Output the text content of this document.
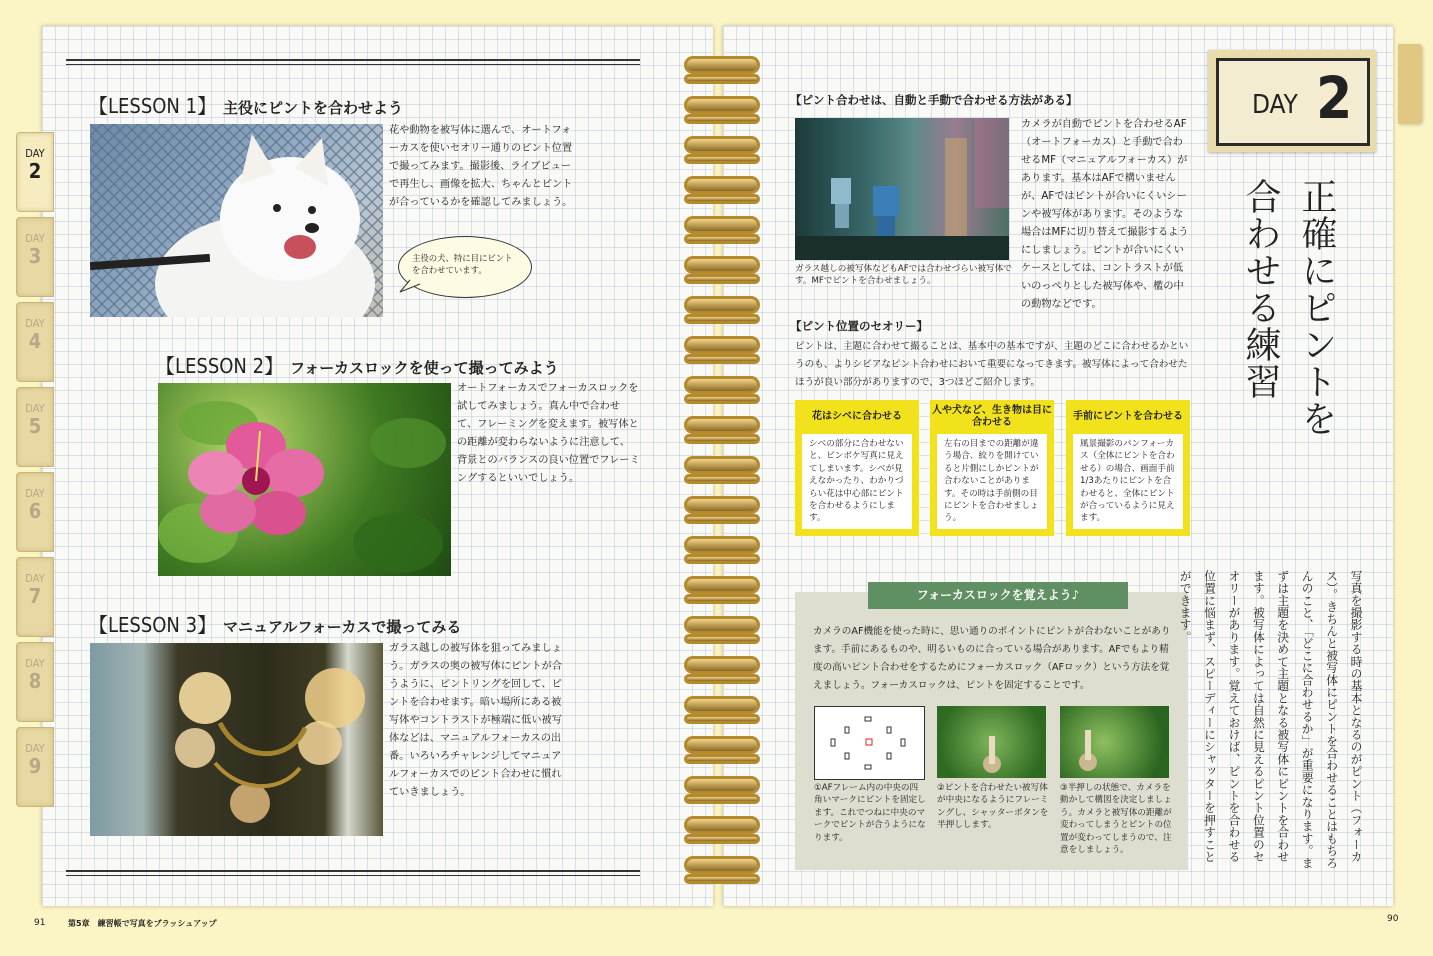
DAY
2
DAY
3
DAY
4
DAY
5
DAY
6
DAY
7
DAY
8
DAY
9
【LESSON 1】 主役にピントを合わせよう
花や動物を被写体に選んで、オートフォーカスを使いセオリー通りのピント位置で撮ってみます。撮影後、ライブビューで再生し、画像を拡大、ちゃんとピントが合っているかを確認してみましょう。
主役の犬、特に目にピントを合わせています。
【LESSON 2】 フォーカスロックを使って撮ってみよう
オートフォーカスでフォーカスロックを試してみましょう。真ん中で合わせて、フレーミングを変えます。被写体との距離が変わらないように注意して、背景とのバランスの良い位置でフレーミングするといいでしょう。
【LESSON 3】 マニュアルフォーカスで撮ってみる
ガラス越しの被写体を狙ってみましょう。ガラスの奥の被写体にピントが合うように、ピントリングを回して、ピントを合わせます。暗い場所にある被写体やコントラストが極端に低い被写体などは、マニュアルフォーカスの出番。いろいろチャレンジしてマニュアルフォーカスでのピント合わせに慣れていきましょう。
91	第5章　練習帳で写真をブラッシュアップ	90
【ピント合わせは、自動と手動で合わせる方法がある】
ガラス越しの被写体などもAFでは合わせづらい被写体です。MFでピントを合わせましょう。
カメラが自動でピントを合わせるAF（オートフォーカス）と手動で合わせるMF（マニュアルフォーカス）があります。基本はAFで構いませんが、AFではピントが合いにくいシーンや被写体があります。そのような場合はMFに切り替えて撮影するようにしましょう。ピントが合いにくいケースとしては、コントラストが低いのっぺりとした被写体や、檻の中の動物などです。
【ピント位置のセオリー】
ピントは、主題に合わせて撮ることは、基本中の基本ですが、主題のどこに合わせるかというのも、よりシビアなピント合わせにおいて重要になってきます。被写体によって合わせたほうが良い部分がありますので、3つほどご紹介します。
花はシベに合わせる
シベの部分に合わせないと、ピンボケ写真に見えてしまいます。シベが見えなかったり、わかりづらい花は中心部にピントを合わせるようにします。
人や犬など、生き物は目に合わせる
左右の目までの距離が違う場合、絞りを開けていると片側にしかピントが合わないことがあります。その時は手前側の目にピントを合わせましょう。
手前にピントを合わせる
風景撮影のパンフォーカス（全体にピントを合わせる）の場合、画面手前1/3あたりにピントを合わせると、全体にピントが合っているように見えます。
フォーカスロックを覚えよう♪
カメラのAF機能を使った時に、思い通りのポイントにピントが合わないことがあります。手前にあるものや、明るいものに合っている場合があります。AFでもより精度の高いピント合わせをするためにフォーカスロック（AFロック）という方法を覚えましょう。フォーカスロックは、ピントを固定することです。
①AFフレーム内の中央の四角いマークにピントを固定します。これでつねに中央のマークでピントが合うようになります。
②ピントを合わせたい被写体が中央になるようにフレーミングし、シャッターボタンを半押しします。
③半押しの状態で、カメラを動かして構図を決定しましょう。カメラと被写体の距離が変わってしまうとピントの位置が変わってしまうので、注意をしましょう。
DAY 2
正確にピントを
合わせる練習
写真を撮影する時の基本となるのがピント（フォーカス）。きちんと被写体にピントを合わせることはもちろんのこと、「どこに合わせるか」が重要になります。まずは主題を決めて主題となる被写体にピントを合わせます。被写体によっては自然に見えるピント位置のセオリーがあります。覚えておけば、ピントを合わせる位置に悩まず、スピーディーにシャッターを押すことができます。
